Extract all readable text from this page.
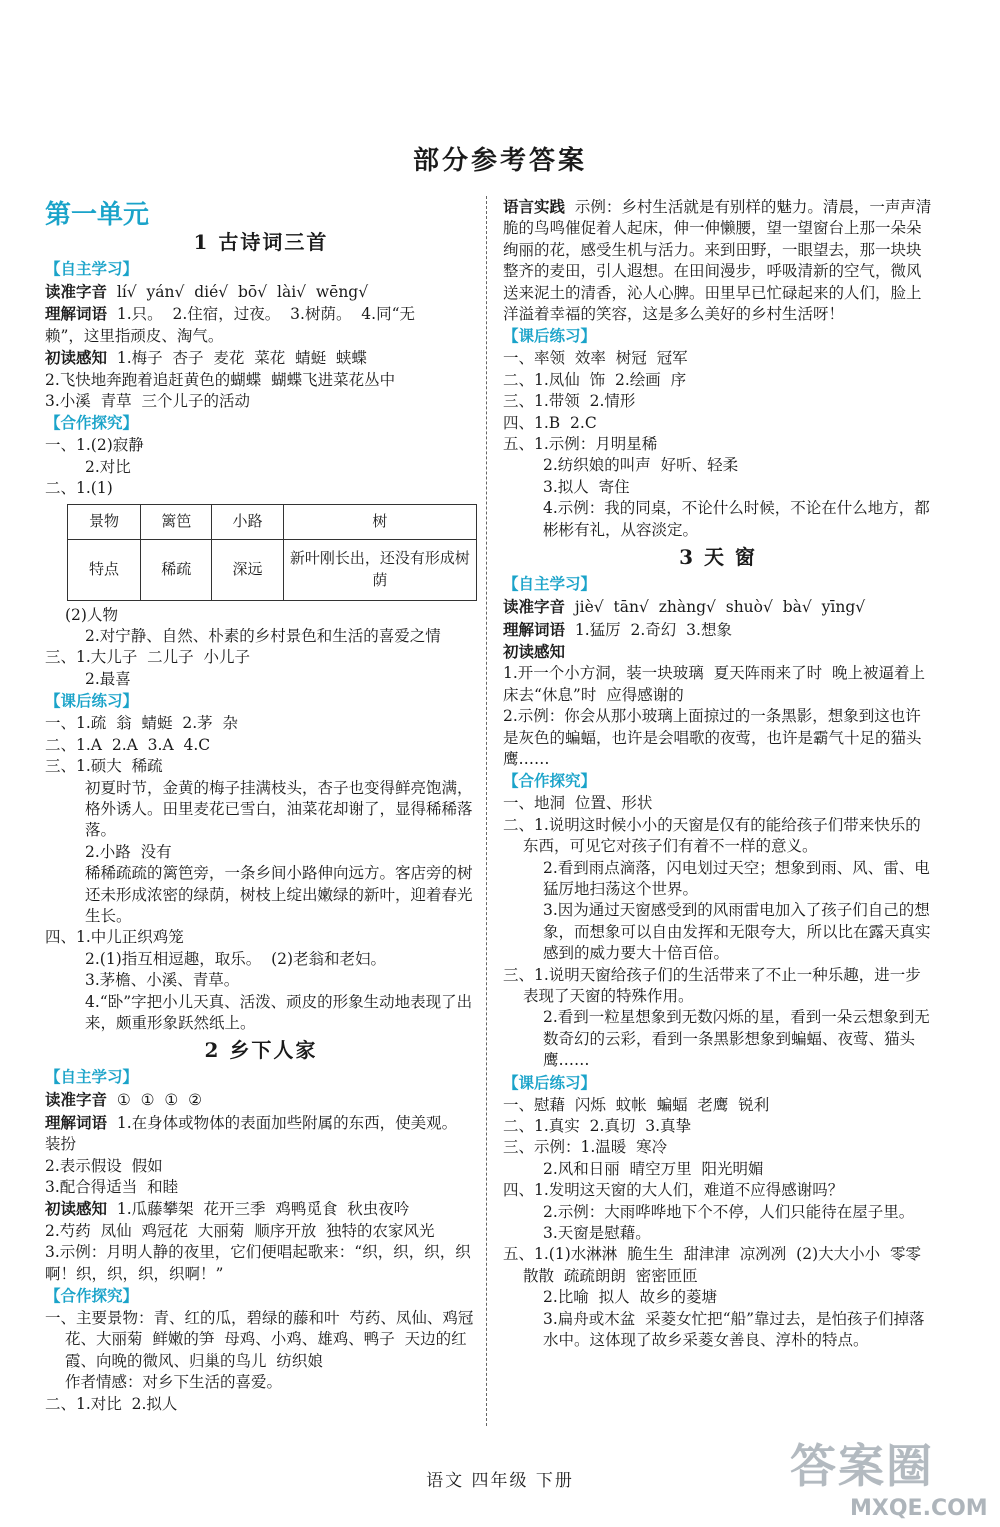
部分参考答案
第一单元
1 古诗词三首
【自主学习】
读准字音 lí√  yán√  dié√  bō√  lài√  wēng√
理解词语 1.只。  2.住宿，过夜。  3.树荫。  4.同“无
赖”，这里指顽皮、淘气。
初读感知 1.梅子  杏子  麦花  菜花  蜻蜓  蛱蝶
2.飞快地奔跑着追赶黄色的蝴蝶  蝴蝶飞进菜花丛中
3.小溪  青草  三个儿子的活动
【合作探究】
一、1.(2)寂静
2.对比
二、1.(1)
景物	篱笆	小路	树
特点	稀疏	深远	新叶刚长出，还没有形成树荫
(2)人物
2.对宁静、自然、朴素的乡村景色和生活的喜爱之情
三、1.大儿子  二儿子  小儿子
2.最喜
【课后练习】
一、1.疏  翁  蜻蜓  2.茅  杂
二、1.A  2.A  3.A  4.C
三、1.硕大  稀疏
初夏时节，金黄的梅子挂满枝头，杏子也变得鲜亮饱满，格外诱人。田里麦花已雪白，油菜花却谢了，显得稀稀落落。
2.小路  没有
稀稀疏疏的篱笆旁，一条乡间小路伸向远方。客店旁的树还未形成浓密的绿荫，树枝上绽出嫩绿的新叶，迎着春光生长。
四、1.中儿正织鸡笼
2.(1)指互相逗趣，取乐。  (2)老翁和老妇。
3.茅檐、小溪、青草。
4.“卧”字把小儿天真、活泼、顽皮的形象生动地表现了出来，颇重形象跃然纸上。
2 乡下人家
【自主学习】
读准字音 ①  ①  ①  ②
理解词语 1.在身体或物体的表面加些附属的东西，使美观。  装扮
2.表示假设  假如
3.配合得适当  和睦
初读感知 1.瓜藤攀架  花开三季  鸡鸭觅食  秋虫夜吟
2.芍药  凤仙  鸡冠花  大丽菊  顺序开放  独特的农家风光
3.示例：月明人静的夜里，它们便唱起歌来：“织，织，织，织啊！织，织，织，织啊！”
【合作探究】
一、主要景物：青、红的瓜，碧绿的藤和叶  芍药、凤仙、鸡冠花、大丽菊  鲜嫩的笋  母鸡、小鸡、雄鸡、鸭子  天边的红霞、向晚的微风、归巢的鸟儿  纺织娘
作者情感：对乡下生活的喜爱。
二、1.对比  2.拟人
语言实践 示例：乡村生活就是有别样的魅力。清晨，一声声清脆的鸟鸣催促着人起床，伸一伸懒腰，望一望窗台上那一朵朵绚丽的花，感受生机与活力。来到田野，一眼望去，那一块块整齐的麦田，引人遐想。在田间漫步，呼吸清新的空气，微风送来泥土的清香，沁人心脾。田里早已忙碌起来的人们，脸上洋溢着幸福的笑容，这是多么美好的乡村生活呀！
【课后练习】
一、率领  效率  树冠  冠军
二、1.凤仙  饰  2.绘画  序
三、1.带领  2.情形
四、1.B  2.C
五、1.示例：月明星稀
2.纺织娘的叫声  好听、轻柔
3.拟人  寄住
4.示例：我的同桌，不论什么时候，不论在什么地方，都彬彬有礼，从容淡定。
3 天 窗
【自主学习】
读准字音 jiè√  tān√  zhàng√  shuò√  bà√  yīng√
理解词语 1.猛厉  2.奇幻  3.想象
初读感知
1.开一个小方洞，装一块玻璃  夏天阵雨来了时  晚上被逼着上床去“休息”时  应得感谢的
2.示例：你会从那小玻璃上面掠过的一条黑影，想象到这也许是灰色的蝙蝠，也许是会唱歌的夜莺，也许是霸气十足的猫头鹰……
【合作探究】
一、地洞  位置、形状
二、1.说明这时候小小的天窗是仅有的能给孩子们带来快乐的东西，可见它对孩子们有着不一样的意义。
2.看到雨点滴落，闪电划过天空；想象到雨、风、雷、电猛厉地扫荡这个世界。
3.因为通过天窗感受到的风雨雷电加入了孩子们自己的想象，而想象可以自由发挥和无限夸大，所以比在露天真实感到的威力要大十倍百倍。
三、1.说明天窗给孩子们的生活带来了不止一种乐趣，进一步表现了天窗的特殊作用。
2.看到一粒星想象到无数闪烁的星，看到一朵云想象到无数奇幻的云彩，看到一条黑影想象到蝙蝠、夜莺、猫头鹰……
【课后练习】
一、慰藉  闪烁  蚊帐  蝙蝠  老鹰  锐利
二、1.真实  2.真切  3.真挚
三、示例：1.温暖  寒冷
2.风和日丽  晴空万里  阳光明媚
四、1.发明这天窗的大人们，难道不应得感谢吗？
2.示例：大雨哗哗地下个不停，人们只能待在屋子里。
3.天窗是慰藉。
五、1.(1)水淋淋  脆生生  甜津津  凉冽冽  (2)大大小小  零零散散  疏疏朗朗  密密匝匝
2.比喻  拟人  故乡的菱塘
3.扁舟或木盆  采菱女忙把“船”靠过去，是怕孩子们掉落水中。这体现了故乡采菱女善良、淳朴的特点。
语文 四年级 下册	答案圈
MXQE.COM
